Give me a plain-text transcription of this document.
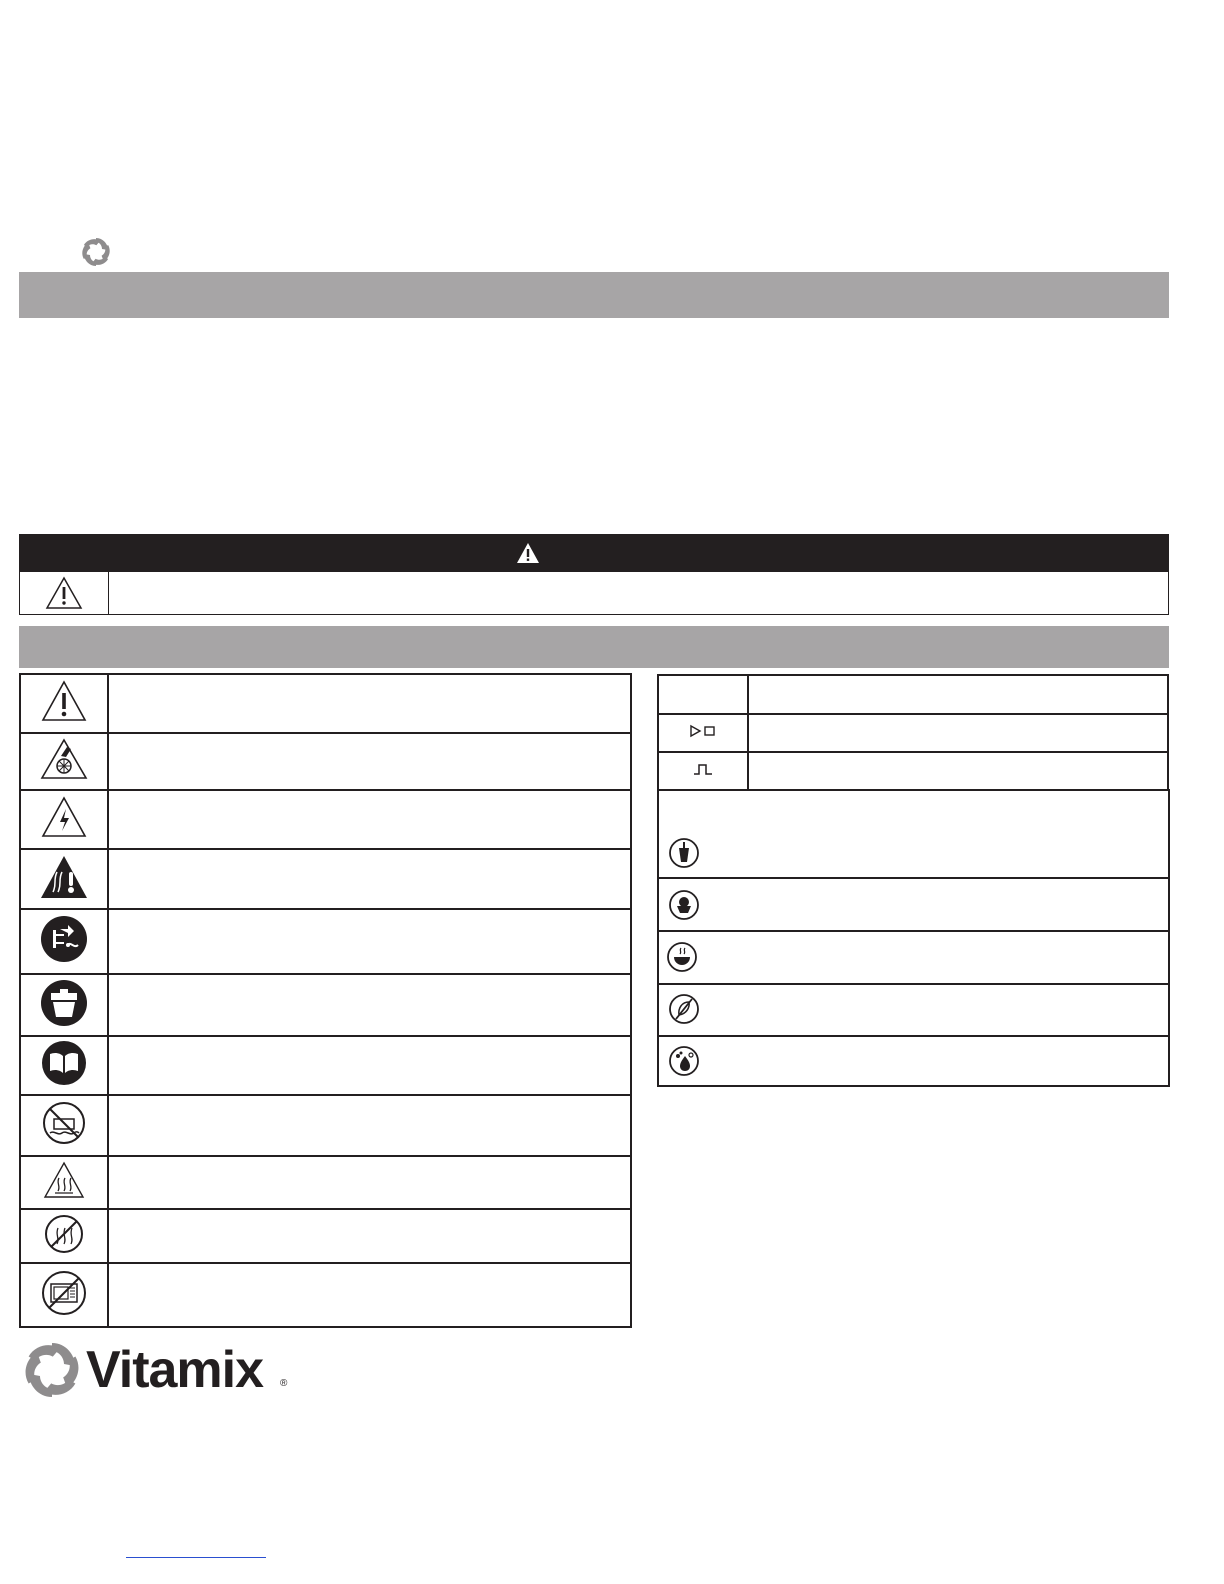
Vitamix ®
